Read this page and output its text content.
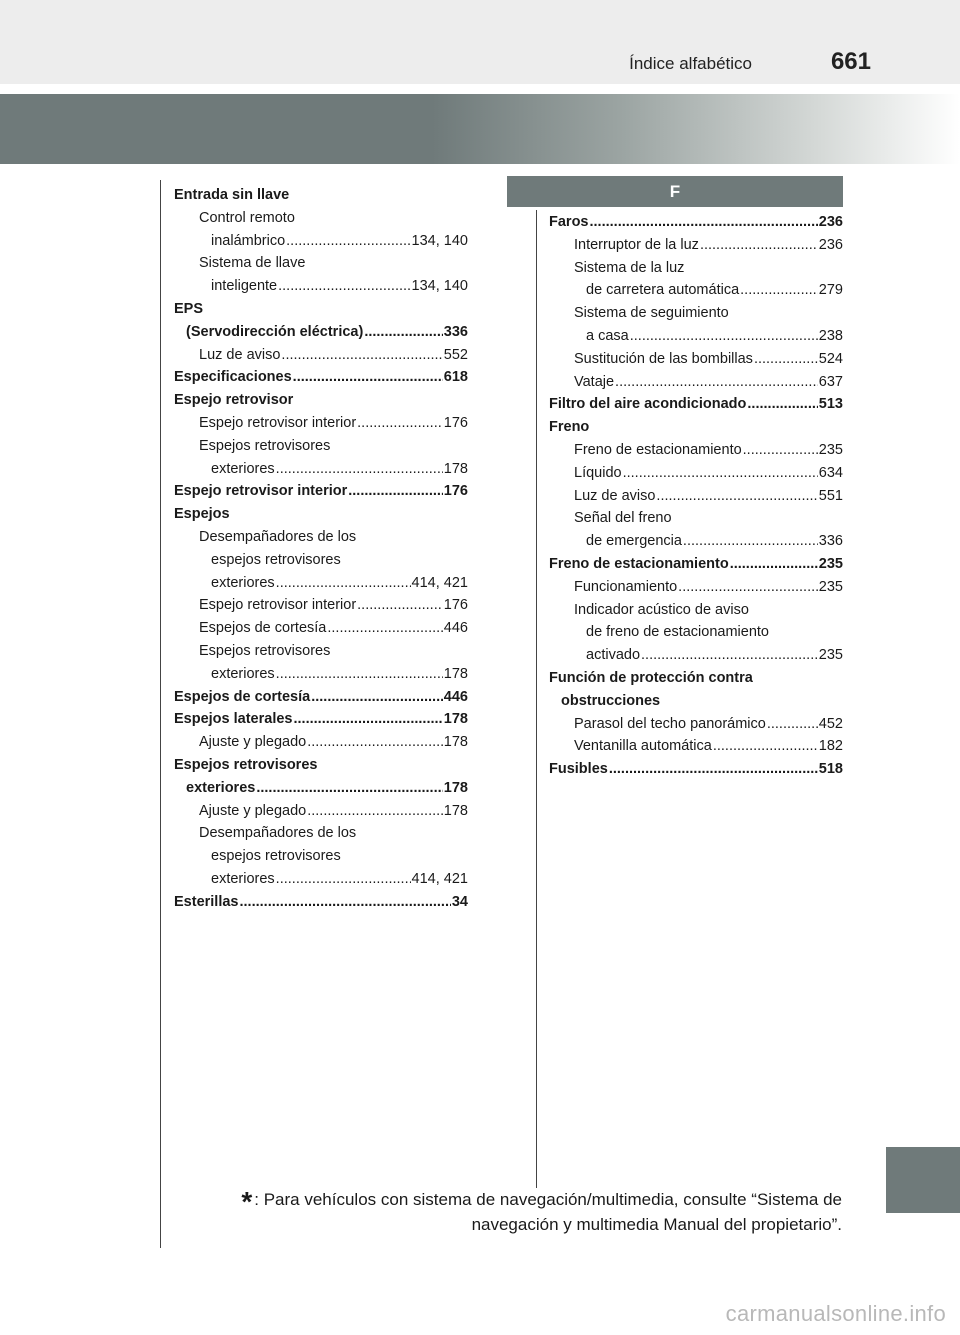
Índice alfabético	661
Entrada sin llave
Control remoto
inalámbrico .....	134, 140
Sistema de llave
inteligente .....	134, 140
EPS
(Servodirección eléctrica) .....	336
Luz de aviso .....	552
Especificaciones .....	618
Espejo retrovisor
Espejo retrovisor interior .....	176
Espejos retrovisores
exteriores .....	178
Espejo retrovisor interior .....	176
Espejos
Desempañadores de los
espejos retrovisores
exteriores .....	414, 421
Espejo retrovisor interior .....	176
Espejos de cortesía .....	446
Espejos retrovisores
exteriores .....	178
Espejos de cortesía .....	446
Espejos laterales .....	178
Ajuste y plegado .....	178
Espejos retrovisores
exteriores .....	178
Ajuste y plegado .....	178
Desempañadores de los
espejos retrovisores
exteriores .....	414, 421
Esterillas .....	34
F
Faros .....	236
Interruptor de la luz .....	236
Sistema de la luz
de carretera automática .....	279
Sistema de seguimiento
a casa .....	238
Sustitución de las bombillas .....	524
Vataje .....	637
Filtro del aire acondicionado .....	513
Freno
Freno de estacionamiento .....	235
Líquido .....	634
Luz de aviso .....	551
Señal del freno
de emergencia .....	336
Freno de estacionamiento .....	235
Funcionamiento .....	235
Indicador acústico de aviso
de freno de estacionamiento
activado .....	235
Función de protección contra
obstrucciones
Parasol del techo panorámico .....	452
Ventanilla automática .....	182
Fusibles .....	518
* : Para vehículos con sistema de navegación/multimedia, consulte “Sistema de navegación y multimedia Manual del propietario”.
carmanualsonline.info
